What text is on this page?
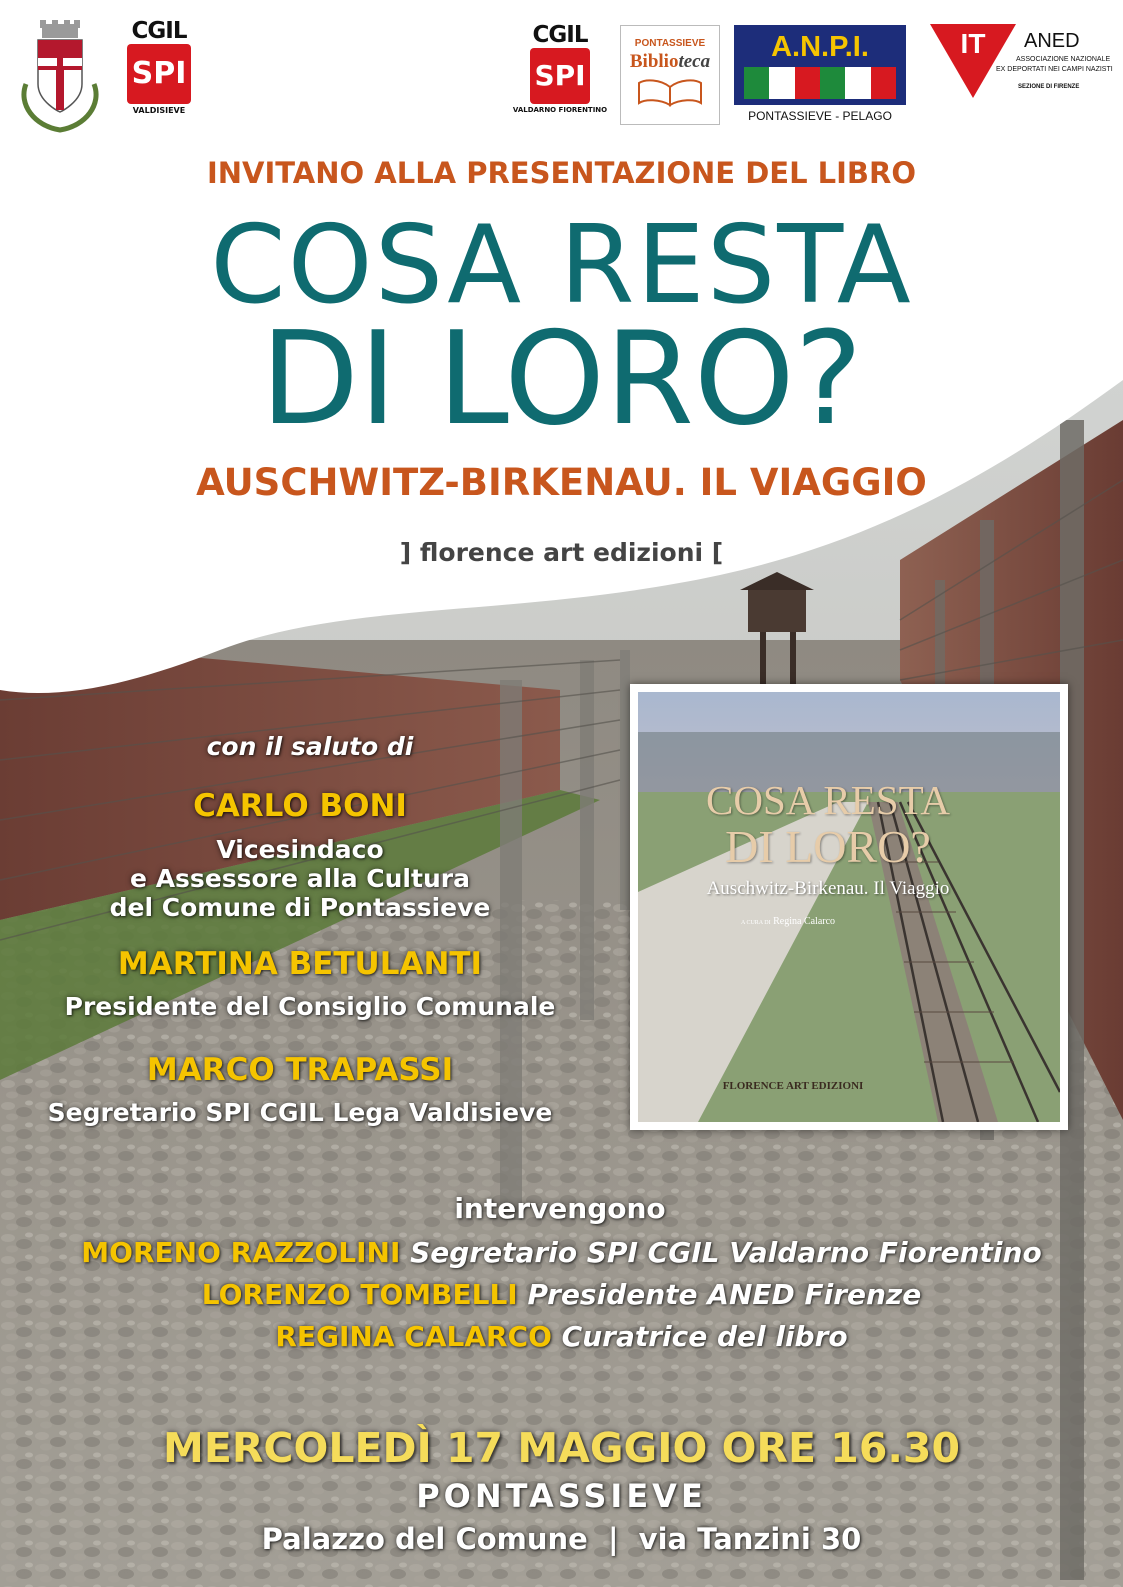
CGIL
SPI
VALDISIEVE
CGIL
SPI
VALDARNO FIORENTINO
PONTASSIEVE
Biblioteca	A.N.P.I.
PONTASSIEVE - PELAGO
IT	ANED
ASSOCIAZIONE NAZIONALE
EX DEPORTATI NEI CAMPI NAZISTI
SEZIONE DI FIRENZE
INVITANO ALLA PRESENTAZIONE DEL LIBRO
COSA RESTA
DI LORO?
AUSCHWITZ-BIRKENAU. IL VIAGGIO
] florence art edizioni [
con il saluto di
CARLO BONI
Vicesindaco
e Assessore alla Cultura
del Comune di Pontassieve
MARTINA BETULANTI
Presidente del Consiglio Comunale
MARCO TRAPASSI
Segretario SPI CGIL Lega Valdisieve
COSA RESTA
DI LORO?
Auschwitz-Birkenau. Il Viaggio
A CURA DI Regina Calarco
FLORENCE ART EDIZIONI
intervengono
MORENO RAZZOLINI Segretario SPI CGIL Valdarno Fiorentino
LORENZO TOMBELLI Presidente ANED Firenze
REGINA CALARCO Curatrice del libro
MERCOLEDÌ 17 MAGGIO ORE 16.30
PONTASSIEVE
Palazzo del Comune | via Tanzini 30
